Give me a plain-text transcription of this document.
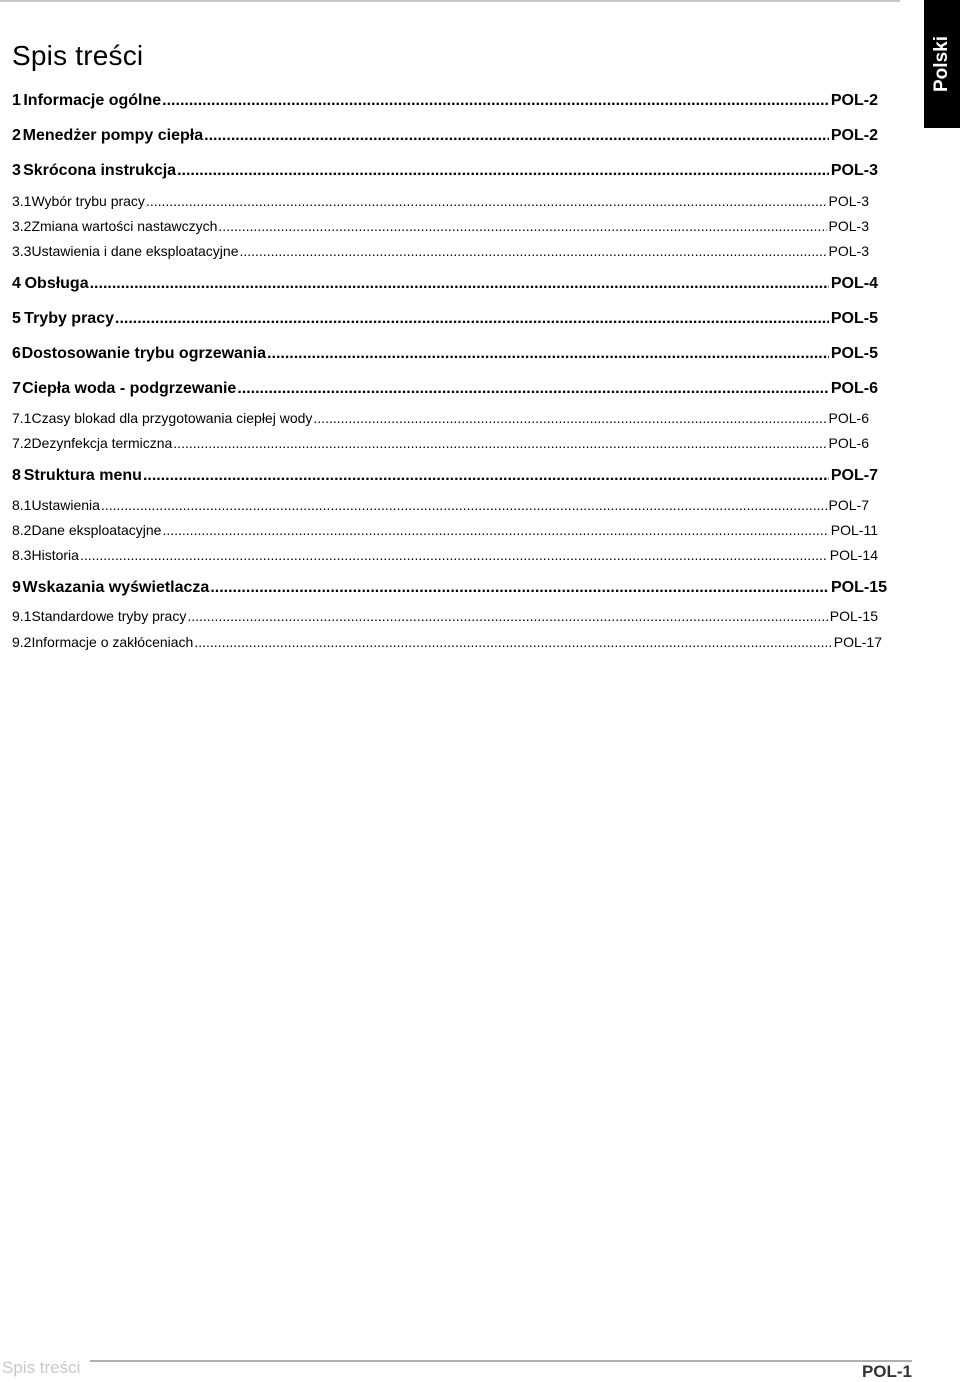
Polski
Spis treści
1 Informacje ogólne .....	POL-2
2 Menedżer pompy ciepła .....	POL-2
3 Skrócona instrukcja .....	POL-3
3.1 Wybór trybu pracy .....	POL-3
3.2 Zmiana wartości nastawczych .....	POL-3
3.3 Ustawienia i dane eksploatacyjne .....	POL-3
4 Obsługa .....	POL-4
5 Tryby pracy .....	POL-5
6 Dostosowanie trybu ogrzewania .....	POL-5
7 Ciepła woda - podgrzewanie .....	POL-6
7.1 Czasy blokad dla przygotowania ciepłej wody .....	POL-6
7.2 Dezynfekcja termiczna .....	POL-6
8 Struktura menu .....	POL-7
8.1 Ustawienia .....	POL-7
8.2 Dane eksploatacyjne .....	POL-11
8.3 Historia .....	POL-14
9 Wskazania wyświetlacza .....	POL-15
9.1 Standardowe tryby pracy .....	POL-15
9.2 Informacje o zakłóceniach .....	POL-17
Spis treści	POL-1
